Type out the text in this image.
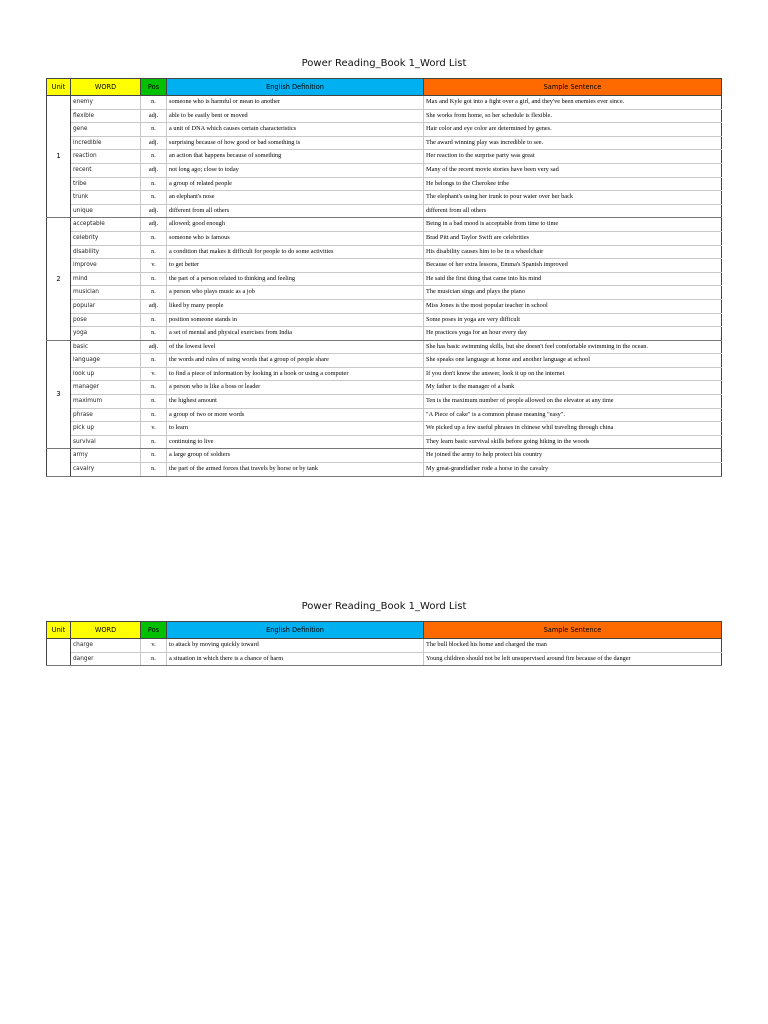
Power Reading_Book 1_Word List
Unit	WORD	Pos	English Definition	Sample Sentence
1	enemy	n.	someone who is harmful or mean to another	Max and Kyle got into a fight over a girl, and they've been enemies ever since.
	flexible	adj.	able to be easily bent or moved	She works from home, so her schedule is flexible.
	gene	n.	a unit of DNA which causes certain characteristics	Hair color and eye color are determined by genes.
	incredible	adj.	surprising because of how good or bad something is	The award winning play was incredible to see.
	reaction	n.	an action that happens because of something	Her reaction to the surprise party was great
	recent	adj.	not long ago; close to today	Many of the recent movie stories have been very sad
	tribe	n.	a group of related people	He belongs to the Cherokee tribe
	trunk	n.	an elephant's nose	The elephant's using her trunk to pour water over her back
	unique	adj.	different from all others	different from all others
2	acceptable	adj.	allowed; good enough	Being in a bad mood is acceptable from time to time
	celebrity	n.	someone who is famous	Brad Pitt and Taylor Swift are celebrities
	disability	n.	a condition that makes it difficult for people to do some activities	His disability causes him to be in a wheelchair
	improve	v.	to get better	Because of her extra lessons, Emma's Spanish improved
	mind	n.	the part of a person related to thinking and feeling	He said the first thing that came into his mind
	musician	n.	a person who plays music as a job	The musician sings and plays the piano
	popular	adj.	liked by many people	Miss Jones is the most popular teacher in school
	pose	n.	position someone stands in	Some poses in yoga are very difficult
	yoga	n.	a set of mental and physical exercises from India	He practices yoga for an hour every day
3	basic	adj.	of the lowest level	She has basic swimming skills, but she doesn't feel comfortable swimming in the ocean.
	language	n.	the words and rules of using words that a group of people share	She speaks one language at home and another language at school
	look up	v.	to find a piece of information by looking in a book or using a computer	If you don't know the answer, look it up on the internet
	manager	n.	a person who is like a boss or leader	My father is the manager of a bank
	maximum	n.	the highest amount	Ten is the maximum number of people allowed on the elevator at any time
	phrase	n.	a group of two or more words	"A Piece of cake" is a common phrase meaning "easy".
	pick up	v.	to learn	We picked up a few useful phrases in chinese whil traveling through china
	survival	n.	continuing to live	They learn basic survival skills before going hiking in the woods
	army	n.	a large group of soldiers	He joined the army to help protect his country
	cavalry	n.	the part of the armed forces that travels by horse or by tank	My great-grandfather rode a horse in the cavalry
Power Reading_Book 1_Word List
Unit	WORD	Pos	English Definition	Sample Sentence
	charge	v.	to attack by moving quickly toward	The bull blocked his home and charged the man
	danger	n.	a situation in which there is a chance of harm	Young children should not be left unsupervised around fire because of the danger
